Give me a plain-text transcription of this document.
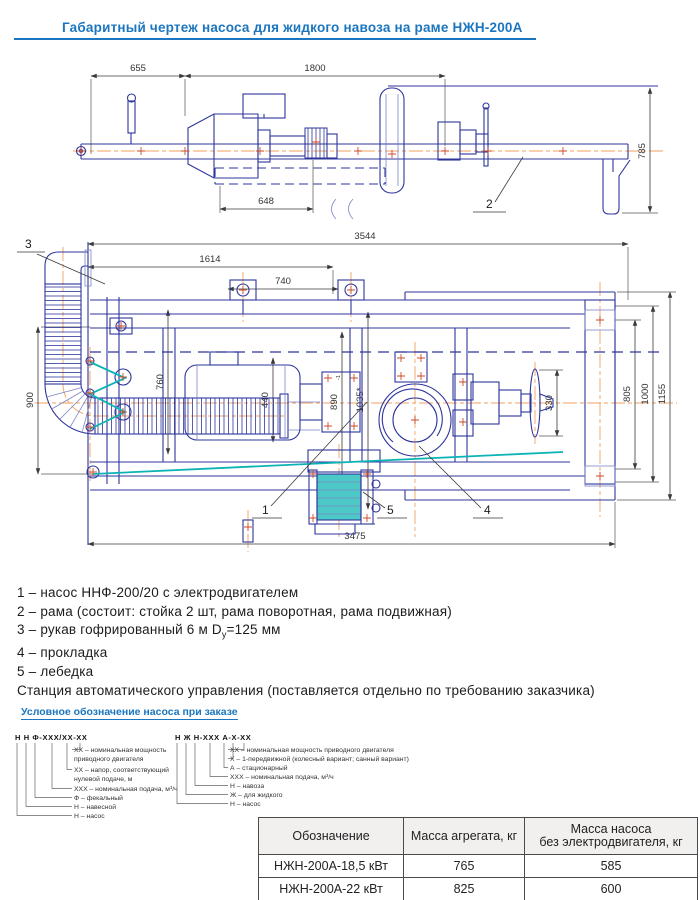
Габаритный чертеж насоса для жидкого навоза на раме НЖН-200А
655	1800
785
648	2
3544
1614
740
900
760
890
-1
1035*	330
805 1000 1155
3475
3
1	5	4
1 – насос ННФ-200/20 с электродвигателем
2 – рама (состоит: стойка 2 шт, рама поворотная, рама подвижная)
3 – рукав гофрированный 6 м $D_у=125$ мм
4 – прокладка
5 – лебедка
Станция автоматического управления (поставляется отдельно по требованию заказчика)
Условное обозначение насоса при заказе
Н Н Ф-ХХХ/ХХ-ХХ
ХХ – номинальная мощность
приводного двигателя
ХХ – напор, соответствующий
нулевой подаче, м
ХХХ – номинальная подача, м³/ч
Ф – фекальный
Н – навесной
Н – насос
Н Ж Н-ХХХ А-Х-ХХ
ХХ – номинальная мощность приводного двигателя
Х – 1-передвижной (колесный вариант; санный вариант)
А – стационарный
ХХХ – номинальная подача, м³/ч
Н – навоза
Ж – для жидкого
Н – насос
Обозначение	Масса агрегата, кг	Масса насоса
без электродвигателя, кг

НЖН-200А-18,5 кВт	765	585
НЖН-200А-22 кВт	825	600
